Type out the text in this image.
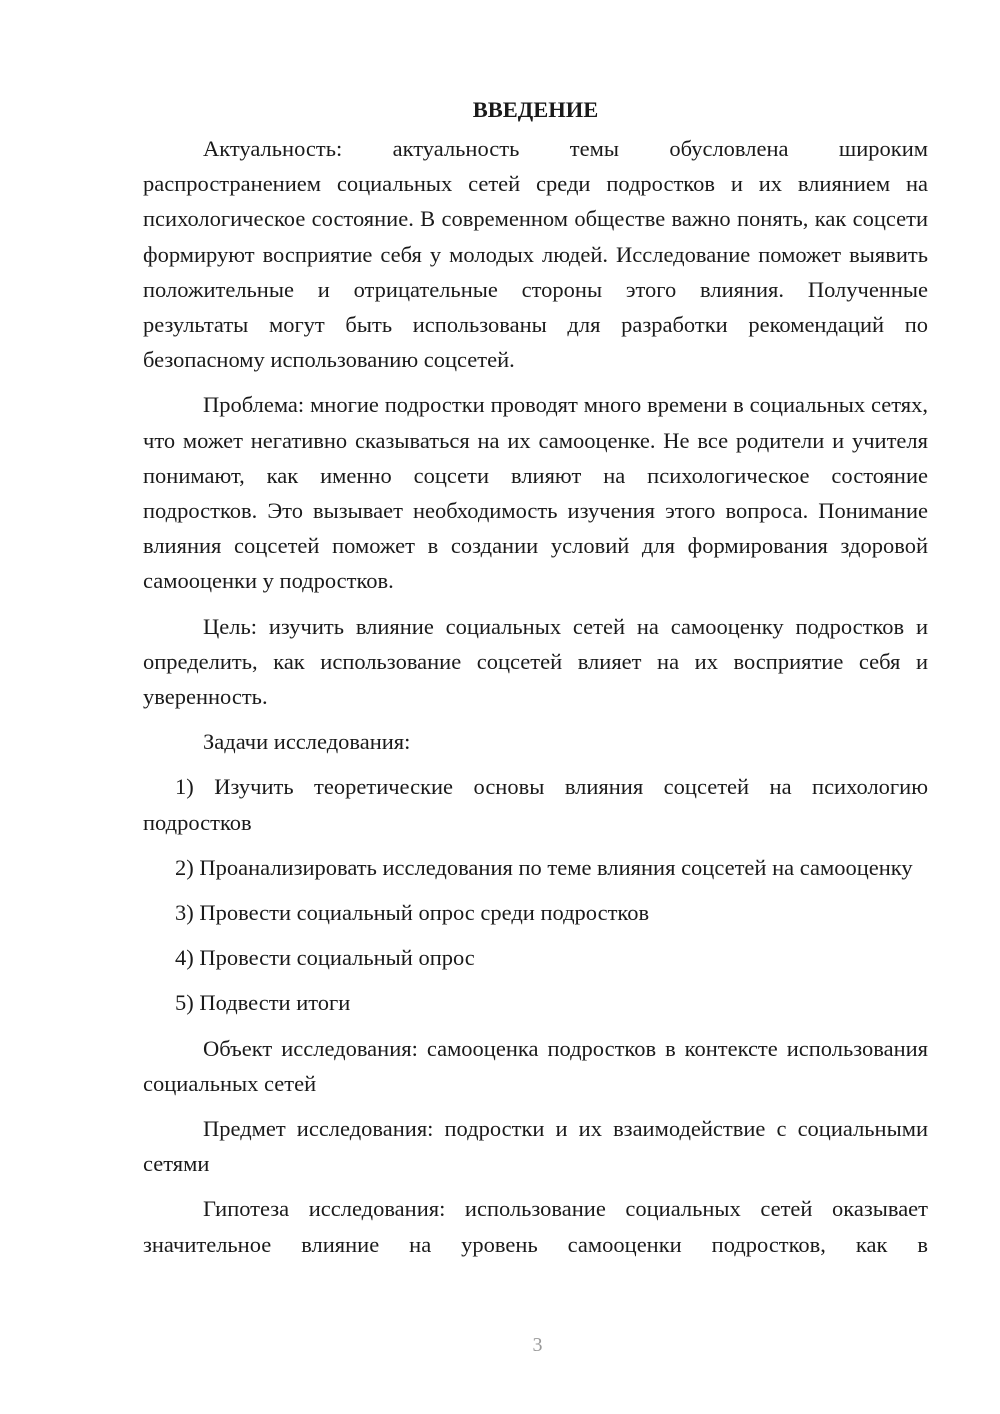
ВВЕДЕНИЕ

Актуальность: актуальность темы обусловлена широким распространением социальных сетей среди подростков и их влиянием на психологическое состояние. В современном обществе важно понять, как соцсети формируют восприятие себя у молодых людей. Исследование поможет выявить положительные и отрицательные стороны этого влияния. Полученные результаты могут быть использованы для разработки рекомендаций по безопасному использованию соцсетей.

Проблема: многие подростки проводят много времени в социальных сетях, что может негативно сказываться на их самооценке. Не все родители и учителя понимают, как именно соцсети влияют на психологическое состояние подростков. Это вызывает необходимость изучения этого вопроса. Понимание влияния соцсетей поможет в создании условий для формирования здоровой самооценки у подростков.

Цель: изучить влияние социальных сетей на самооценку подростков и определить, как использование соцсетей влияет на их восприятие себя и уверенность.

Задачи исследования:

1) Изучить теоретические основы влияния соцсетей на психологию подростков

2) Проанализировать исследования по теме влияния соцсетей на самооценку

3) Провести социальный опрос среди подростков

4) Провести социальный опрос

5) Подвести итоги

Объект исследования: самооценка подростков в контексте использования социальных сетей

Предмет исследования: подростки и их взаимодействие с социальными сетями

Гипотеза исследования: использование социальных сетей оказывает значительное влияние на уровень самооценки подростков, как в

3
